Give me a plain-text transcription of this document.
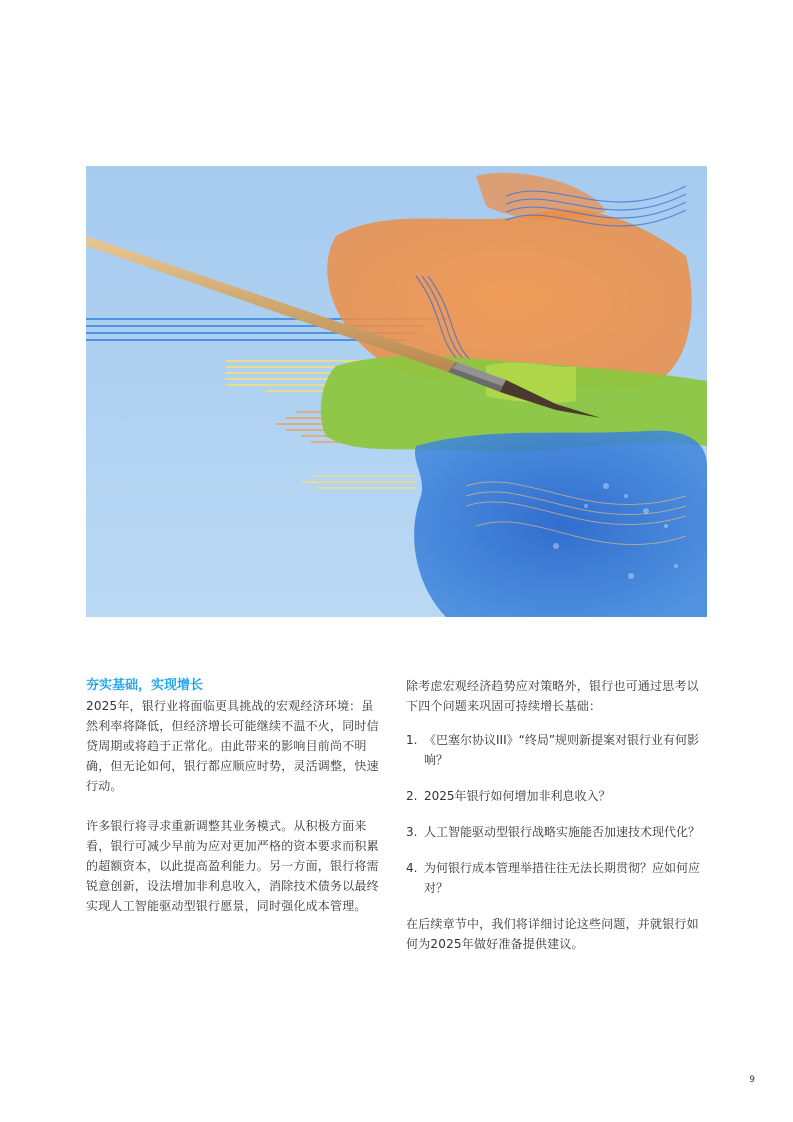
夯实基础，实现增长

2025年，银行业将面临更具挑战的宏观经济环境：虽然利率将降低，但经济增长可能继续不温不火，同时信贷周期或将趋于正常化。由此带来的影响目前尚不明确，但无论如何，银行都应顺应时势，灵活调整，快速行动。

许多银行将寻求重新调整其业务模式。从积极方面来看，银行可减少早前为应对更加严格的资本要求而积累的超额资本，以此提高盈利能力。另一方面，银行将需锐意创新，设法增加非利息收入，消除技术债务以最终实现人工智能驱动型银行愿景，同时强化成本管理。

除考虑宏观经济趋势应对策略外，银行也可通过思考以下四个问题来巩固可持续增长基础：

1. 《巴塞尔协议III》“终局”规则新提案对银行业有何影响？
2. 2025年银行如何增加非利息收入？
3. 人工智能驱动型银行战略实施能否加速技术现代化？
4. 为何银行成本管理举措往往无法长期贯彻？应如何应对？

在后续章节中，我们将详细讨论这些问题，并就银行如何为2025年做好准备提供建议。

9
